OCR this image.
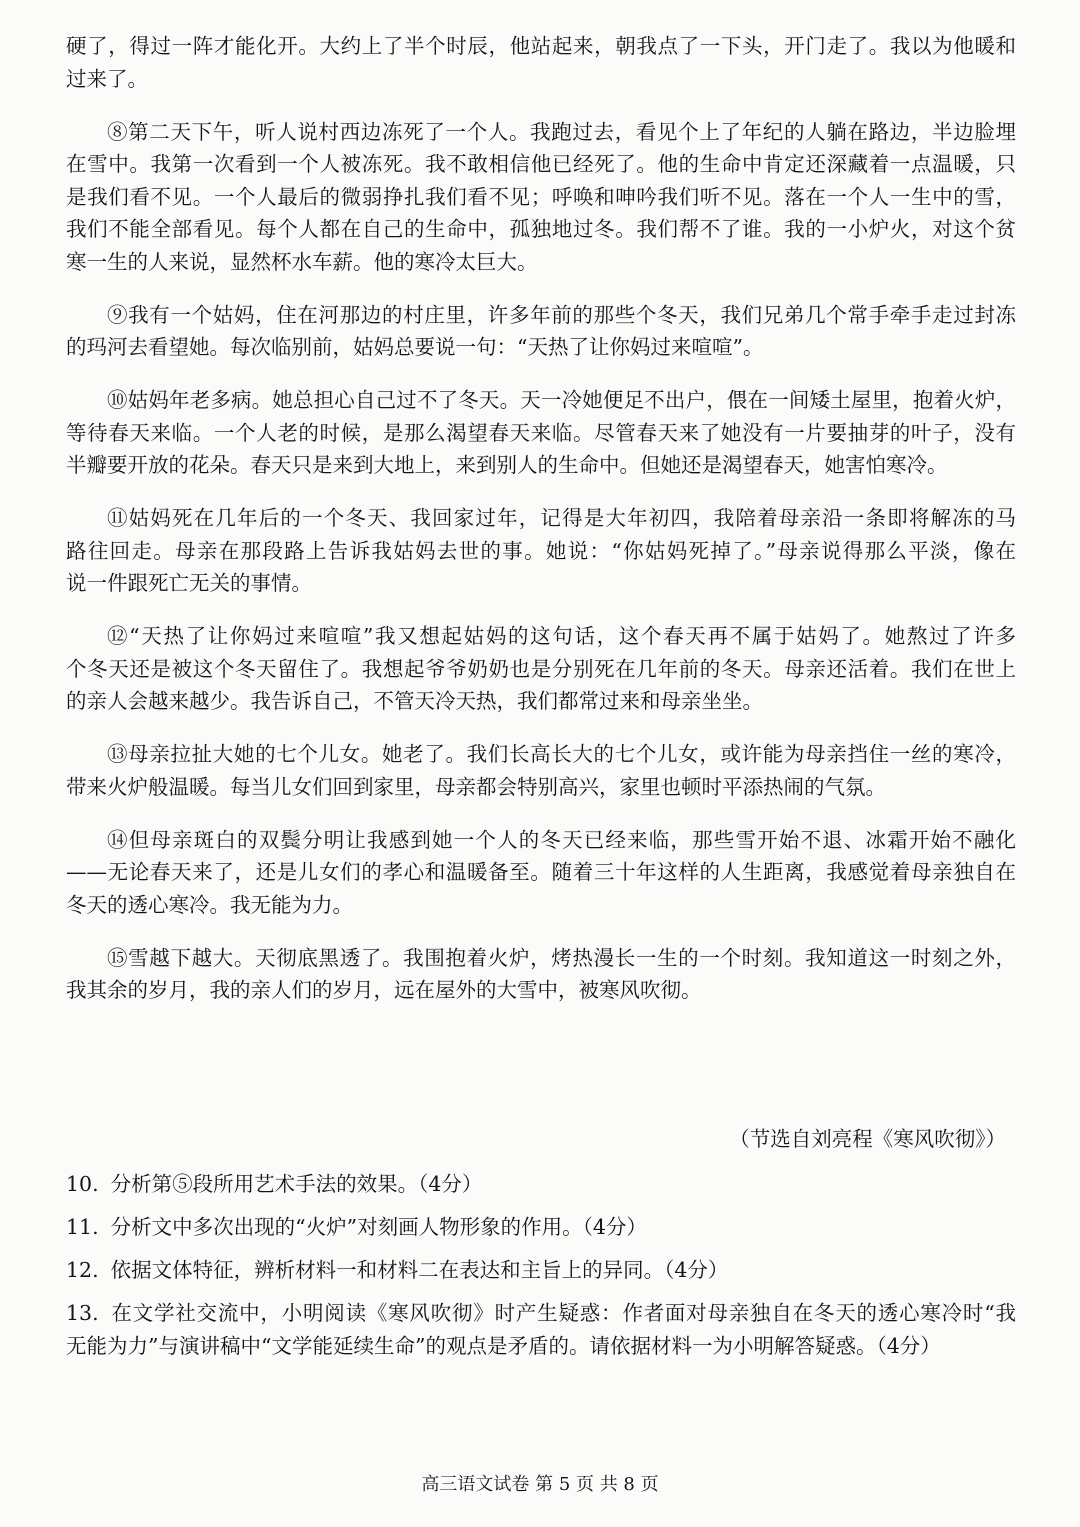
硬了，得过一阵才能化开。大约上了半个时辰，他站起来，朝我点了一下头，开门走了。我以为他暖和
过来了。
⑧第二天下午，听人说村西边冻死了一个人。我跑过去，看见个上了年纪的人躺在路边，半边脸埋
在雪中。我第一次看到一个人被冻死。我不敢相信他已经死了。他的生命中肯定还深藏着一点温暖，只
是我们看不见。一个人最后的微弱挣扎我们看不见；呼唤和呻吟我们听不见。落在一个人一生中的雪，
我们不能全部看见。每个人都在自己的生命中，孤独地过冬。我们帮不了谁。我的一小炉火，对这个贫
寒一生的人来说，显然杯水车薪。他的寒冷太巨大。
⑨我有一个姑妈，住在河那边的村庄里，许多年前的那些个冬天，我们兄弟几个常手牵手走过封冻
的玛河去看望她。每次临别前，姑妈总要说一句：“天热了让你妈过来喧喧”。
⑩姑妈年老多病。她总担心自己过不了冬天。天一冷她便足不出户，偎在一间矮土屋里，抱着火炉，
等待春天来临。一个人老的时候，是那么渴望春天来临。尽管春天来了她没有一片要抽芽的叶子，没有
半瓣要开放的花朵。春天只是来到大地上，来到别人的生命中。但她还是渴望春天，她害怕寒冷。
⑪姑妈死在几年后的一个冬天、我回家过年，记得是大年初四，我陪着母亲沿一条即将解冻的马
路往回走。母亲在那段路上告诉我姑妈去世的事。她说：“你姑妈死掉了。”母亲说得那么平淡，像在
说一件跟死亡无关的事情。
⑫“天热了让你妈过来喧喧”我又想起姑妈的这句话，这个春天再不属于姑妈了。她熬过了许多
个冬天还是被这个冬天留住了。我想起爷爷奶奶也是分别死在几年前的冬天。母亲还活着。我们在世上
的亲人会越来越少。我告诉自己，不管天冷天热，我们都常过来和母亲坐坐。
⑬母亲拉扯大她的七个儿女。她老了。我们长高长大的七个儿女，或许能为母亲挡住一丝的寒冷，
带来火炉般温暖。每当儿女们回到家里，母亲都会特别高兴，家里也顿时平添热闹的气氛。
⑭但母亲斑白的双鬓分明让我感到她一个人的冬天已经来临，那些雪开始不退、冰霜开始不融化
——无论春天来了，还是儿女们的孝心和温暖备至。随着三十年这样的人生距离，我感觉着母亲独自在
冬天的透心寒冷。我无能为力。
⑮雪越下越大。天彻底黑透了。我围抱着火炉，烤热漫长一生的一个时刻。我知道这一时刻之外，
我其余的岁月，我的亲人们的岁月，远在屋外的大雪中，被寒风吹彻。
（节选自刘亮程《寒风吹彻》）
10. 分析第⑤段所用艺术手法的效果。（4分）
11. 分析文中多次出现的“火炉”对刻画人物形象的作用。（4分）
12. 依据文体特征，辨析材料一和材料二在表达和主旨上的异同。（4分）
13. 在文学社交流中，小明阅读《寒风吹彻》时产生疑惑：作者面对母亲独自在冬天的透心寒冷时“我
无能为力”与演讲稿中“文学能延续生命”的观点是矛盾的。请依据材料一为小明解答疑惑。（4分）
高三语文试卷 第 5 页 共 8 页
